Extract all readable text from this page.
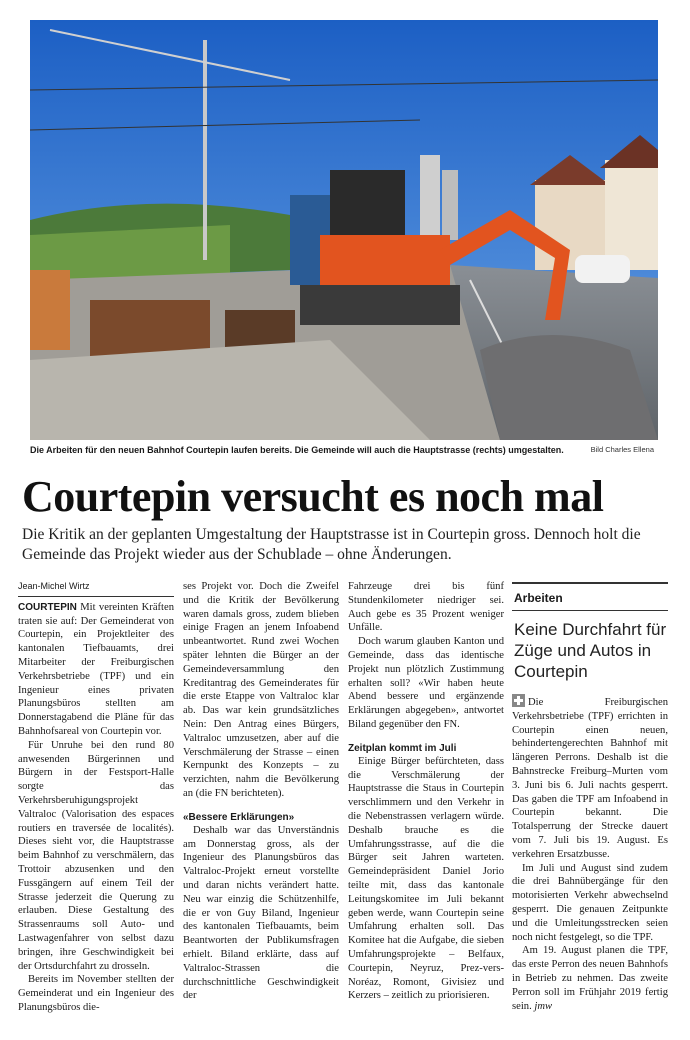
Die Arbeiten für den neuen Bahnhof Courtepin laufen bereits. Die Gemeinde will auch die Hauptstrasse (rechts) umgestalten.	Bild Charles Ellena
Courtepin versucht es noch mal
Die Kritik an der geplanten Umgestaltung der Hauptstrasse ist in Courtepin gross. Dennoch holt die Gemeinde das Projekt wieder aus der Schublade – ohne Änderungen.
Jean-Michel Wirtz

COURTEPIN Mit vereinten Kräften traten sie auf: Der Gemeinderat von Courtepin, ein Projektleiter des kantonalen Tiefbauamts, drei Mitarbeiter der Freiburgischen Verkehrsbetriebe (TPF) und ein Ingenieur eines privaten Planungsbüros stellten am Donnerstagabend die Pläne für das Bahnhofsareal von Courtepin vor.

Für Unruhe bei den rund 80 anwesenden Bürgerinnen und Bürgern in der Festsport-Halle sorgte das Verkehrsberuhigungsprojekt Valtraloc (Valorisation des espaces routiers en traversée de localités). Dieses sieht vor, die Hauptstrasse beim Bahnhof zu verschmälern, das Trottoir abzusenken und den Fussgängern auf einem Teil der Strasse jederzeit die Querung zu erlauben. Diese Gestaltung des Strassenraums soll Auto- und Lastwagenfahrer von selbst dazu bringen, ihre Geschwindigkeit bei der Ortsdurchfahrt zu drosseln.

Bereits im November stellten der Gemeinderat und ein Ingenieur des Planungsbüros die-

ses Projekt vor. Doch die Zweifel und die Kritik der Bevölkerung waren damals gross, zudem blieben einige Fragen an jenem Infoabend unbeantwortet. Rund zwei Wochen später lehnten die Bürger an der Gemeindeversammlung den Kreditantrag des Gemeinderates für die erste Etappe von Valtraloc klar ab. Das war kein grundsätzliches Nein: Den Antrag eines Bürgers, Valtraloc umzusetzen, aber auf die Verschmälerung der Strasse – einen Kernpunkt des Konzepts – zu verzichten, nahm die Bevölkerung an (die FN berichteten).

«Bessere Erklärungen»

Deshalb war das Unverständnis am Donnerstag gross, als der Ingenieur des Planungsbüros das Valtraloc-Projekt erneut vorstellte und daran nichts verändert hatte. Neu war einzig die Schützenhilfe, die er von Guy Biland, Ingenieur des kantonalen Tiefbauamts, beim Beantworten der Publikumsfragen erhielt. Biland erklärte, dass auf Valtraloc-Strassen die durchschnittliche Geschwindigkeit der

Fahrzeuge drei bis fünf Stundenkilometer niedriger sei. Auch gebe es 35 Prozent weniger Unfälle.

Doch warum glauben Kanton und Gemeinde, dass das identische Projekt nun plötzlich Zustimmung erhalten soll? «Wir haben heute Abend bessere und ergänzende Erklärungen abgegeben», antwortet Biland gegenüber den FN.

Zeitplan kommt im Juli

Einige Bürger befürchteten, dass die Verschmälerung der Hauptstrasse die Staus in Courtepin verschlimmern und den Verkehr in die Nebenstrassen verlagern würde. Deshalb brauche es die Umfahrungsstrasse, auf die die Bürger seit Jahren warteten. Gemeindepräsident Daniel Jorio teilte mit, dass das kantonale Leitungskomitee im Juli bekannt geben werde, wann Courtepin seine Umfahrung erhalten soll. Das Komitee hat die Aufgabe, die sieben Umfahrungsprojekte – Belfaux, Courtepin, Neyruz, Prez-vers-Noréaz, Romont, Givisiez und Kerzers – zeitlich zu priorisieren.

Arbeiten
Keine Durchfahrt für Züge und Autos in Courtepin

Die Freiburgischen Verkehrsbetriebe (TPF) errichten in Courtepin einen neuen, behindertengerechten Bahnhof mit längeren Perrons. Deshalb ist die Bahnstrecke Freiburg–Murten vom 3. Juni bis 6. Juli nachts gesperrt. Das gaben die TPF am Infoabend in Courtepin bekannt. Die Totalsperrung der Strecke dauert vom 7. Juli bis 19. August. Es verkehren Ersatzbusse.

Im Juli und August sind zudem die drei Bahnübergänge für den motorisierten Verkehr abwechselnd gesperrt. Die genauen Zeitpunkte und die Umleitungsstrecken seien noch nicht festgelegt, so die TPF.

Am 19. August planen die TPF, das erste Perron des neuen Bahnhofs in Betrieb zu nehmen. Das zweite Perron soll im Frühjahr 2019 fertig sein. jmw
